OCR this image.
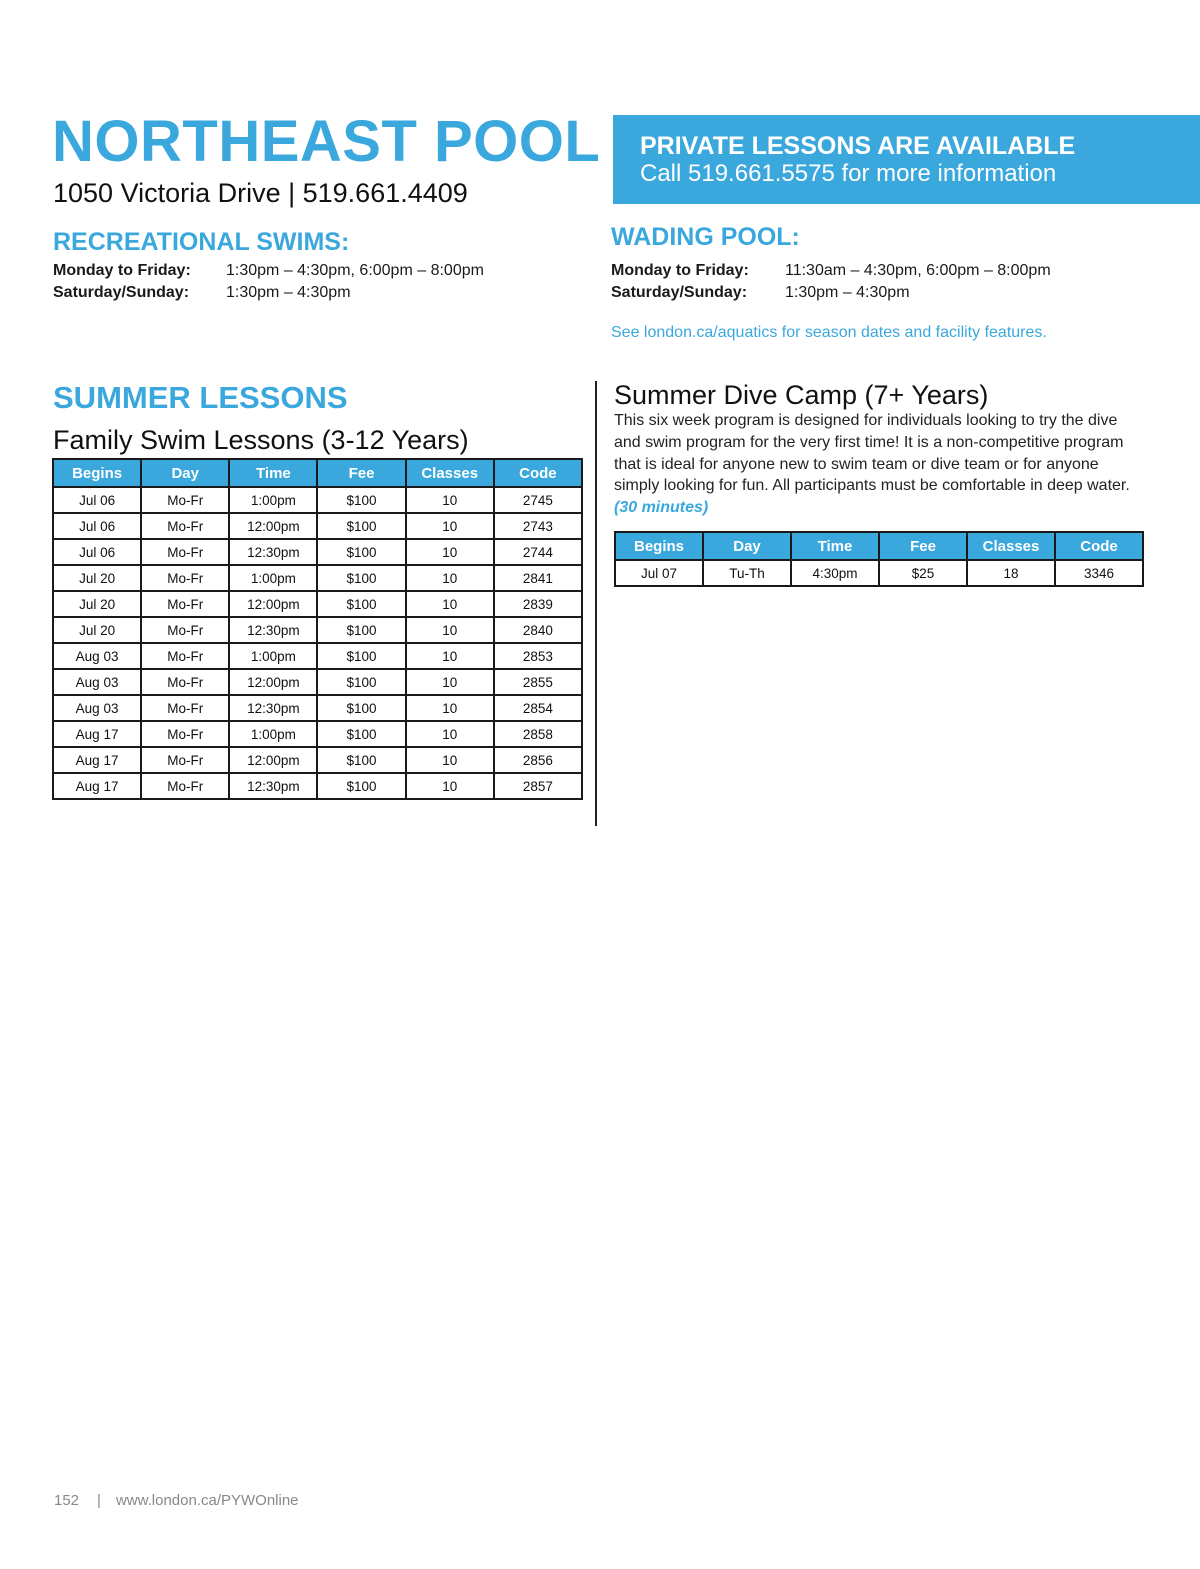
NORTHEAST POOL
1050 Victoria Drive | 519.661.4409
PRIVATE LESSONS ARE AVAILABLE
Call 519.661.5575 for more information
RECREATIONAL SWIMS:
Monday to Friday:	1:30pm – 4:30pm, 6:00pm – 8:00pm
Saturday/Sunday:	1:30pm – 4:30pm
WADING POOL:
Monday to Friday:	11:30am – 4:30pm, 6:00pm – 8:00pm
Saturday/Sunday:	1:30pm – 4:30pm
See london.ca/aquatics for season dates and facility features.
SUMMER LESSONS
Family Swim Lessons (3-12 Years)
Begins	Day	Time	Fee	Classes	Code
Jul 06	Mo-Fr	1:00pm	$100	10	2745
Jul 06	Mo-Fr	12:00pm	$100	10	2743
Jul 06	Mo-Fr	12:30pm	$100	10	2744
Jul 20	Mo-Fr	1:00pm	$100	10	2841
Jul 20	Mo-Fr	12:00pm	$100	10	2839
Jul 20	Mo-Fr	12:30pm	$100	10	2840
Aug 03	Mo-Fr	1:00pm	$100	10	2853
Aug 03	Mo-Fr	12:00pm	$100	10	2855
Aug 03	Mo-Fr	12:30pm	$100	10	2854
Aug 17	Mo-Fr	1:00pm	$100	10	2858
Aug 17	Mo-Fr	12:00pm	$100	10	2856
Aug 17	Mo-Fr	12:30pm	$100	10	2857
Summer Dive Camp (7+ Years)
This six week program is designed for individuals looking to try the dive and swim program for the very first time! It is a non-competitive program that is ideal for anyone new to swim team or dive team or for anyone simply looking for fun. All participants must be comfortable in deep water. (30 minutes)
Begins	Day	Time	Fee	Classes	Code
Jul 07	Tu-Th	4:30pm	$25	18	3346
152 | www.london.ca/PYWOnline
